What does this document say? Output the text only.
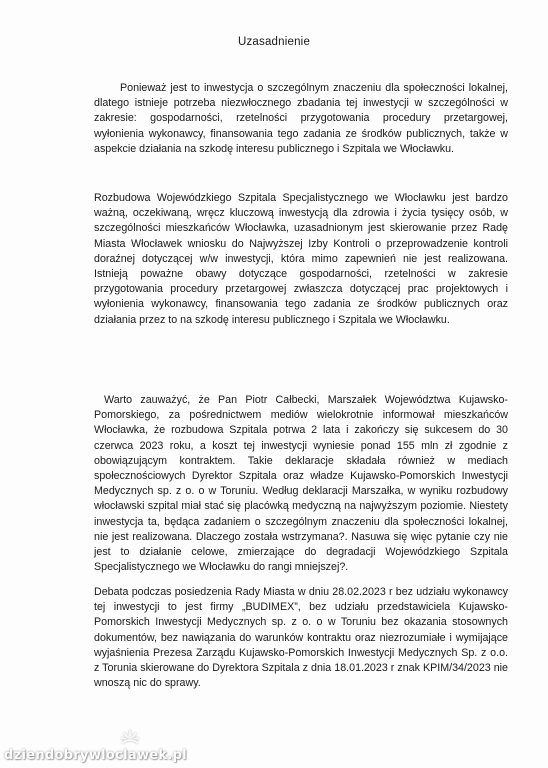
Uzasadnienie

Ponieważ jest to inwestycja o szczególnym znaczeniu dla społeczności lokalnej, dlatego istnieje potrzeba niezwłocznego zbadania tej inwestycji w szczególności w zakresie: gospodarności, rzetelności przygotowania procedury przetargowej, wyłonienia wykonawcy, finansowania tego zadania ze środków publicznych, także w aspekcie działania na szkodę interesu publicznego i Szpitala we Włocławku.

Rozbudowa Wojewódzkiego Szpitala Specjalistycznego we Włocławku jest bardzo ważną, oczekiwaną, wręcz kluczową inwestycją dla zdrowia i życia tysięcy osób, w szczególności mieszkańców Włocławka, uzasadnionym jest skierowanie przez Radę Miasta Włocławek wniosku do Najwyższej Izby Kontroli o przeprowadzenie kontroli doraźnej dotyczącej w/w inwestycji, która mimo zapewnień nie jest realizowana. Istnieją poważne obawy dotyczące gospodarności, rzetelności w zakresie przygotowania procedury przetargowej zwłaszcza dotyczącej prac projektowych i wyłonienia wykonawcy, finansowania tego zadania ze środków publicznych oraz działania przez to na szkodę interesu publicznego i Szpitala we Włocławku.

Warto zauważyć, że Pan Piotr Całbecki, Marszałek Województwa Kujawsko-Pomorskiego, za pośrednictwem mediów wielokrotnie informował mieszkańców Włocławka, że rozbudowa Szpitala potrwa 2 lata i zakończy się sukcesem do 30 czerwca 2023 roku, a koszt tej inwestycji wyniesie ponad 155 mln zł zgodnie z obowiązującym kontraktem. Takie deklaracje składała również w mediach społecznościowych Dyrektor Szpitala oraz władze Kujawsko-Pomorskich Inwestycji Medycznych sp. z o. o w Toruniu. Według deklaracji Marszałka, w wyniku rozbudowy włocławski szpital miał stać się placówką medyczną na najwyższym poziomie. Niestety inwestycja ta, będąca zadaniem o szczególnym znaczeniu dla społeczności lokalnej, nie jest realizowana. Dlaczego została wstrzymana?. Nasuwa się więc pytanie czy nie jest to działanie celowe, zmierzające do degradacji Wojewódzkiego Szpitala Specjalistycznego we Włocławku do rangi mniejszej?.

Debata podczas posiedzenia Rady Miasta w dniu 28.02.2023 r bez udziału wykonawcy tej inwestycji to jest firmy „BUDIMEX”, bez udziału przedstawiciela Kujawsko-Pomorskich Inwestycji Medycznych sp. z o. o w Toruniu bez okazania stosownych dokumentów, bez nawiązania do warunków kontraktu oraz niezrozumiałe i wymijające wyjaśnienia Prezesa Zarządu Kujawsko-Pomorskich Inwestycji Medycznych Sp. z o.o. z Torunia skierowane do Dyrektora Szpitala z dnia 18.01.2023 r znak KPIM/34/2023 nie wnoszą nic do sprawy.

dziendobrywloclawek.pl
